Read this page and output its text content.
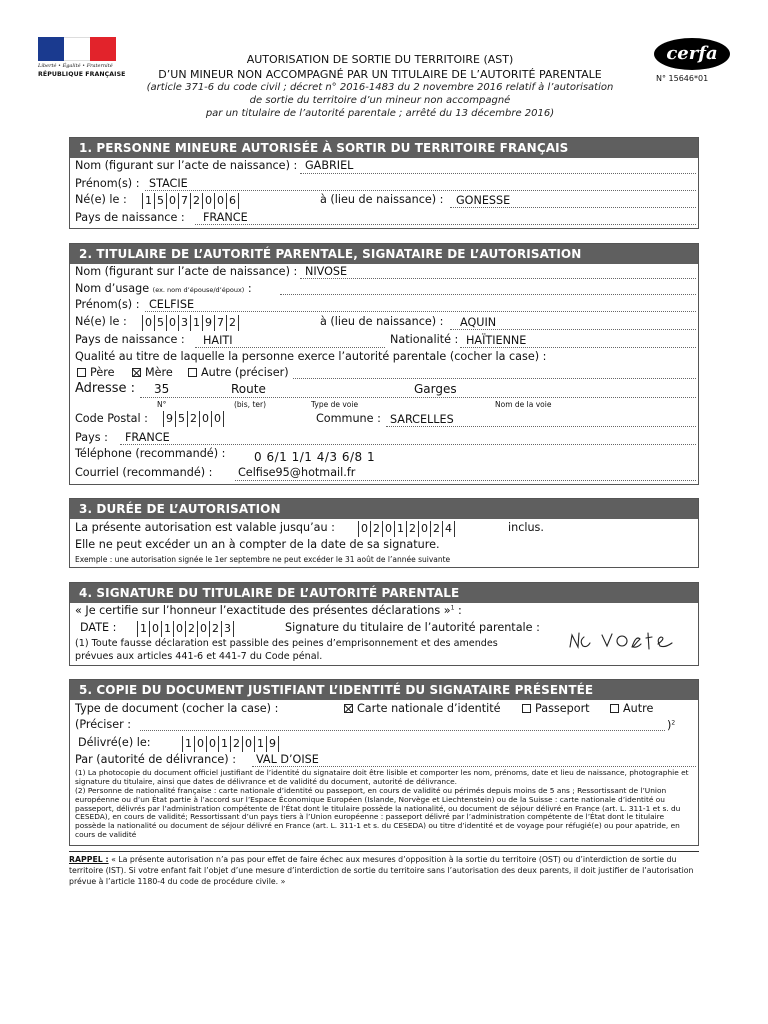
Liberté • Égalité • Fraternité
RÉPUBLIQUE FRANÇAISE
AUTORISATION DE SORTIE DU TERRITOIRE (AST)
D’UN MINEUR NON ACCOMPAGNÉ PAR UN TITULAIRE DE L’AUTORITÉ PARENTALE
(article 371-6 du code civil ; décret n° 2016-1483 du 2 novembre 2016 relatif à l’autorisation
de sortie du territoire d’un mineur non accompagné
par un titulaire de l’autorité parentale ; arrêté du 13 décembre 2016)
cerfa
N° 15646*01
1. PERSONNE MINEURE AUTORISÉE À SORTIR DU TERRITOIRE FRANÇAIS
Nom (figurant sur l’acte de naissance) : GABRIEL
Prénom(s) : STACIE
Né(e) le : 1 5 0 7 2 0 0 6	à (lieu de naissance) : GONESSE
Pays de naissance : FRANCE
2. TITULAIRE DE L’AUTORITÉ PARENTALE, SIGNATAIRE DE L’AUTORISATION
Nom (figurant sur l’acte de naissance) : NIVOSE
Nom d’usage (ex. nom d’épouse/d’époux) :
Prénom(s) : CELFISE
Né(e) le : 0 5 0 3 1 9 7 2	à (lieu de naissance) : AQUIN
Pays de naissance : HAITI	Nationalité : HAÏTIENNE
Qualité au titre de laquelle la personne exerce l’autorité parentale (cocher la case) :
Père	Mère	Autre (préciser)
Adresse : 35	Route	Garges
N°	(bis, ter)	Type de voie	Nom de la voie
Code Postal : 9 5 2 0 0	Commune : SARCELLES
Pays : FRANCE
Téléphone (recommandé) : 0 6/1 1/1 4/3 6/8 1
Courriel (recommandé) : Celfise95@hotmail.fr
3. DURÉE DE L’AUTORISATION
La présente autorisation est valable jusqu’au : 0 2 0 1 2 0 2 4	inclus.
Elle ne peut excéder un an à compter de la date de sa signature.
Exemple : une autorisation signée le 1er septembre ne peut excéder le 31 août de l’année suivante
4. SIGNATURE DU TITULAIRE DE L’AUTORITÉ PARENTALE
« Je certifie sur l’honneur l’exactitude des présentes déclarations »$^1$ :
DATE : 1 0 1 0 2 0 2 3	Signature du titulaire de l’autorité parentale :
(1) Toute fausse déclaration est passible des peines d’emprisonnement et des amendes
prévues aux articles 441-6 et 441-7 du Code pénal.
5. COPIE DU DOCUMENT JUSTIFIANT L’IDENTITÉ DU SIGNATAIRE PRÉSENTÉE
Type de document (cocher la case) :	Carte nationale d’identité	Passeport	Autre
(Préciser :	)$^2$
Délivré(e) le:	1 0 0 1 2 0 1 9
Par (autorité de délivrance) : VAL D’OISE
(1) La photocopie du document officiel justifiant de l’identité du signataire doit être lisible et comporter les nom, prénoms, date et lieu de naissance, photographie et signature du titulaire, ainsi que dates de délivrance et de validité du document, autorité de délivrance.
(2) Personne de nationalité française : carte nationale d’identité ou passeport, en cours de validité ou périmés depuis moins de 5 ans ; Ressortissant de l’Union européenne ou d’un État partie à l’accord sur l’Espace Économique Européen (Islande, Norvège et Liechtenstein) ou de la Suisse : carte nationale d’identité ou passeport, délivrés par l’administration compétente de l’État dont le titulaire possède la nationalité, ou document de séjour délivré en France (art. L. 311-1 et s. du CESEDA), en cours de validité; Ressortissant d’un pays tiers à l’Union européenne : passeport délivré par l’administration compétente de l’État dont le titulaire possède la nationalité ou document de séjour délivré en France (art. L. 311-1 et s. du CESEDA) ou titre d’identité et de voyage pour réfugié(e) ou pour apatride, en cours de validité
RAPPEL : « La présente autorisation n’a pas pour effet de faire échec aux mesures d’opposition à la sortie du territoire (OST) ou d’interdiction de sortie du territoire (IST). Si votre enfant fait l’objet d’une mesure d’interdiction de sortie du territoire sans l’autorisation des deux parents, il doit justifier de l’autorisation prévue à l’article 1180-4 du code de procédure civile. »
